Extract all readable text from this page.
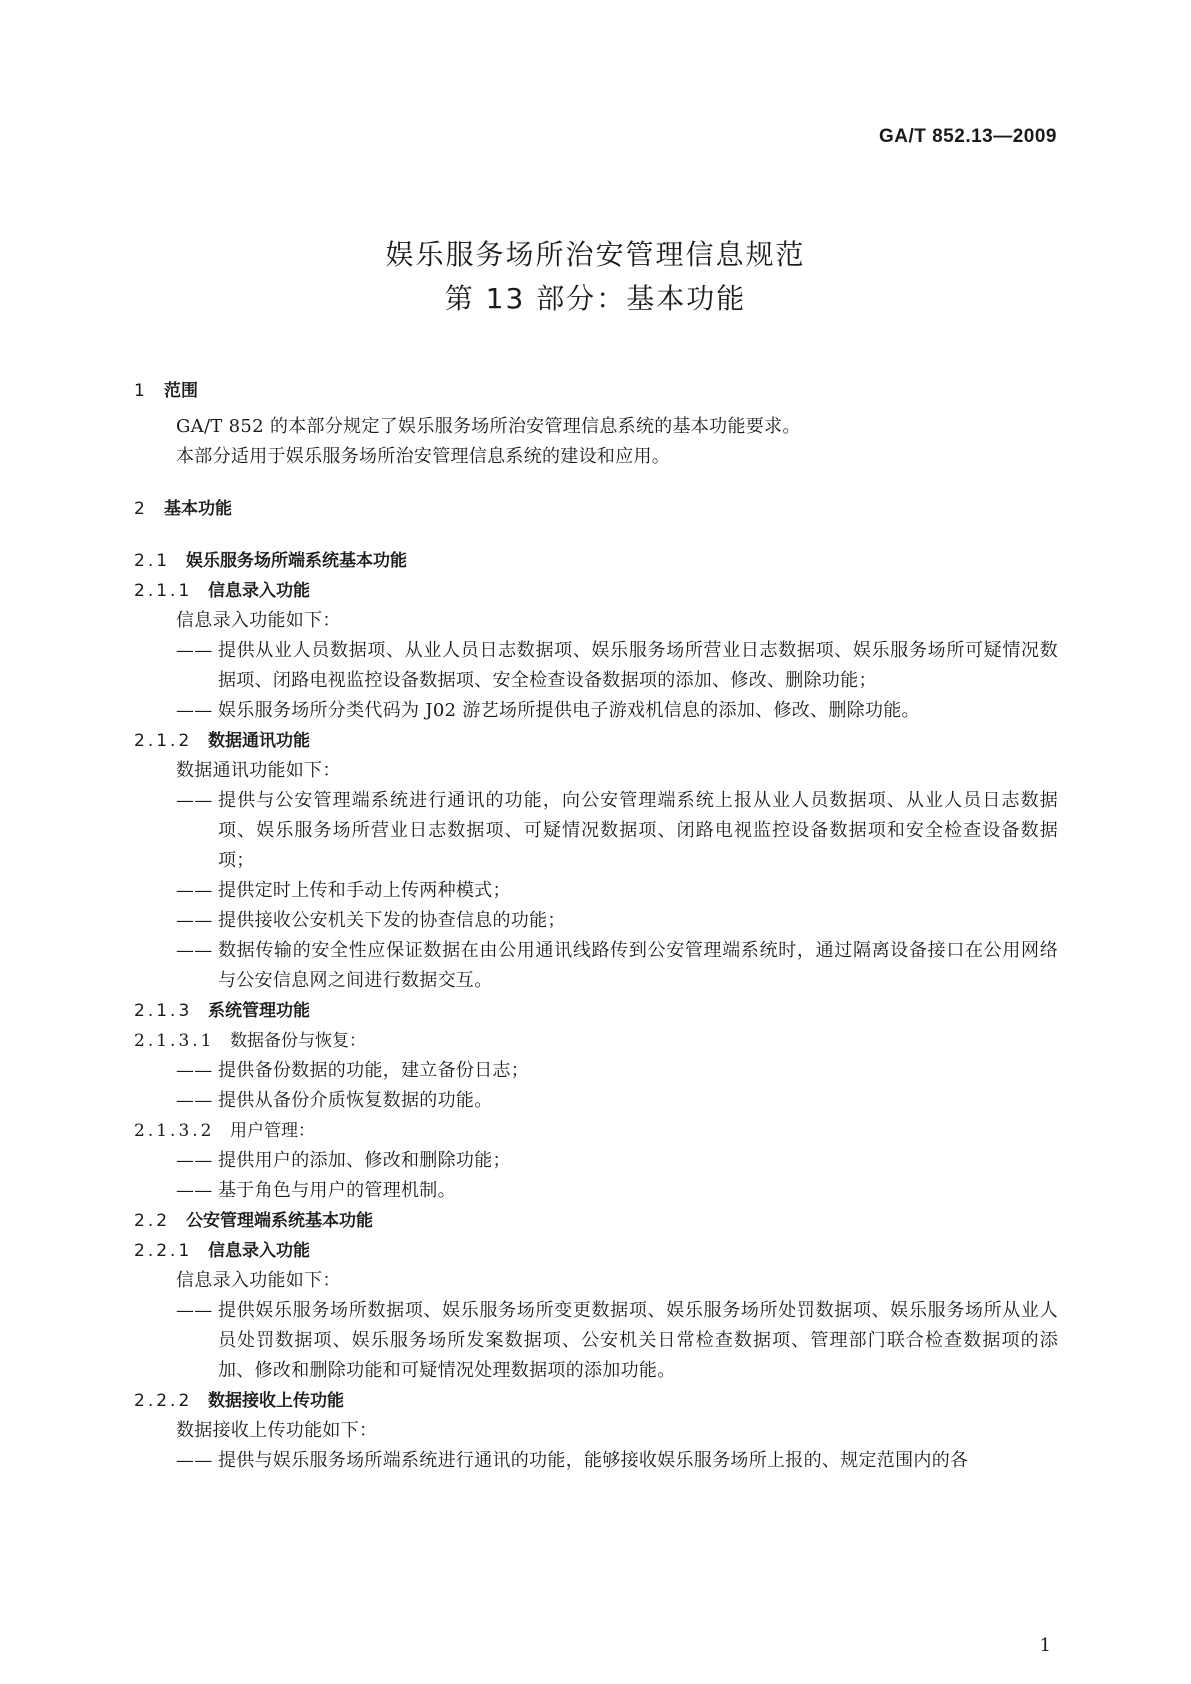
GA/T 852.13—2009
娱乐服务场所治安管理信息规范
第 13 部分：基本功能
1 范围
GA/T 852 的本部分规定了娱乐服务场所治安管理信息系统的基本功能要求。
本部分适用于娱乐服务场所治安管理信息系统的建设和应用。
2 基本功能
2.1 娱乐服务场所端系统基本功能
2.1.1 信息录入功能
信息录入功能如下：
—— 提供从业人员数据项、从业人员日志数据项、娱乐服务场所营业日志数据项、娱乐服务场所可疑情况数据项、闭路电视监控设备数据项、安全检查设备数据项的添加、修改、删除功能；
—— 娱乐服务场所分类代码为 J02 游艺场所提供电子游戏机信息的添加、修改、删除功能。
2.1.2 数据通讯功能
数据通讯功能如下：
—— 提供与公安管理端系统进行通讯的功能，向公安管理端系统上报从业人员数据项、从业人员日志数据项、娱乐服务场所营业日志数据项、可疑情况数据项、闭路电视监控设备数据项和安全检查设备数据项；
—— 提供定时上传和手动上传两种模式；
—— 提供接收公安机关下发的协查信息的功能；
—— 数据传输的安全性应保证数据在由公用通讯线路传到公安管理端系统时，通过隔离设备接口在公用网络与公安信息网之间进行数据交互。
2.1.3 系统管理功能
2.1.3.1 数据备份与恢复：
—— 提供备份数据的功能，建立备份日志；
—— 提供从备份介质恢复数据的功能。
2.1.3.2 用户管理：
—— 提供用户的添加、修改和删除功能；
—— 基于角色与用户的管理机制。
2.2 公安管理端系统基本功能
2.2.1 信息录入功能
信息录入功能如下：
—— 提供娱乐服务场所数据项、娱乐服务场所变更数据项、娱乐服务场所处罚数据项、娱乐服务场所从业人员处罚数据项、娱乐服务场所发案数据项、公安机关日常检查数据项、管理部门联合检查数据项的添加、修改和删除功能和可疑情况处理数据项的添加功能。
2.2.2 数据接收上传功能
数据接收上传功能如下：
—— 提供与娱乐服务场所端系统进行通讯的功能，能够接收娱乐服务场所上报的、规定范围内的各
1
